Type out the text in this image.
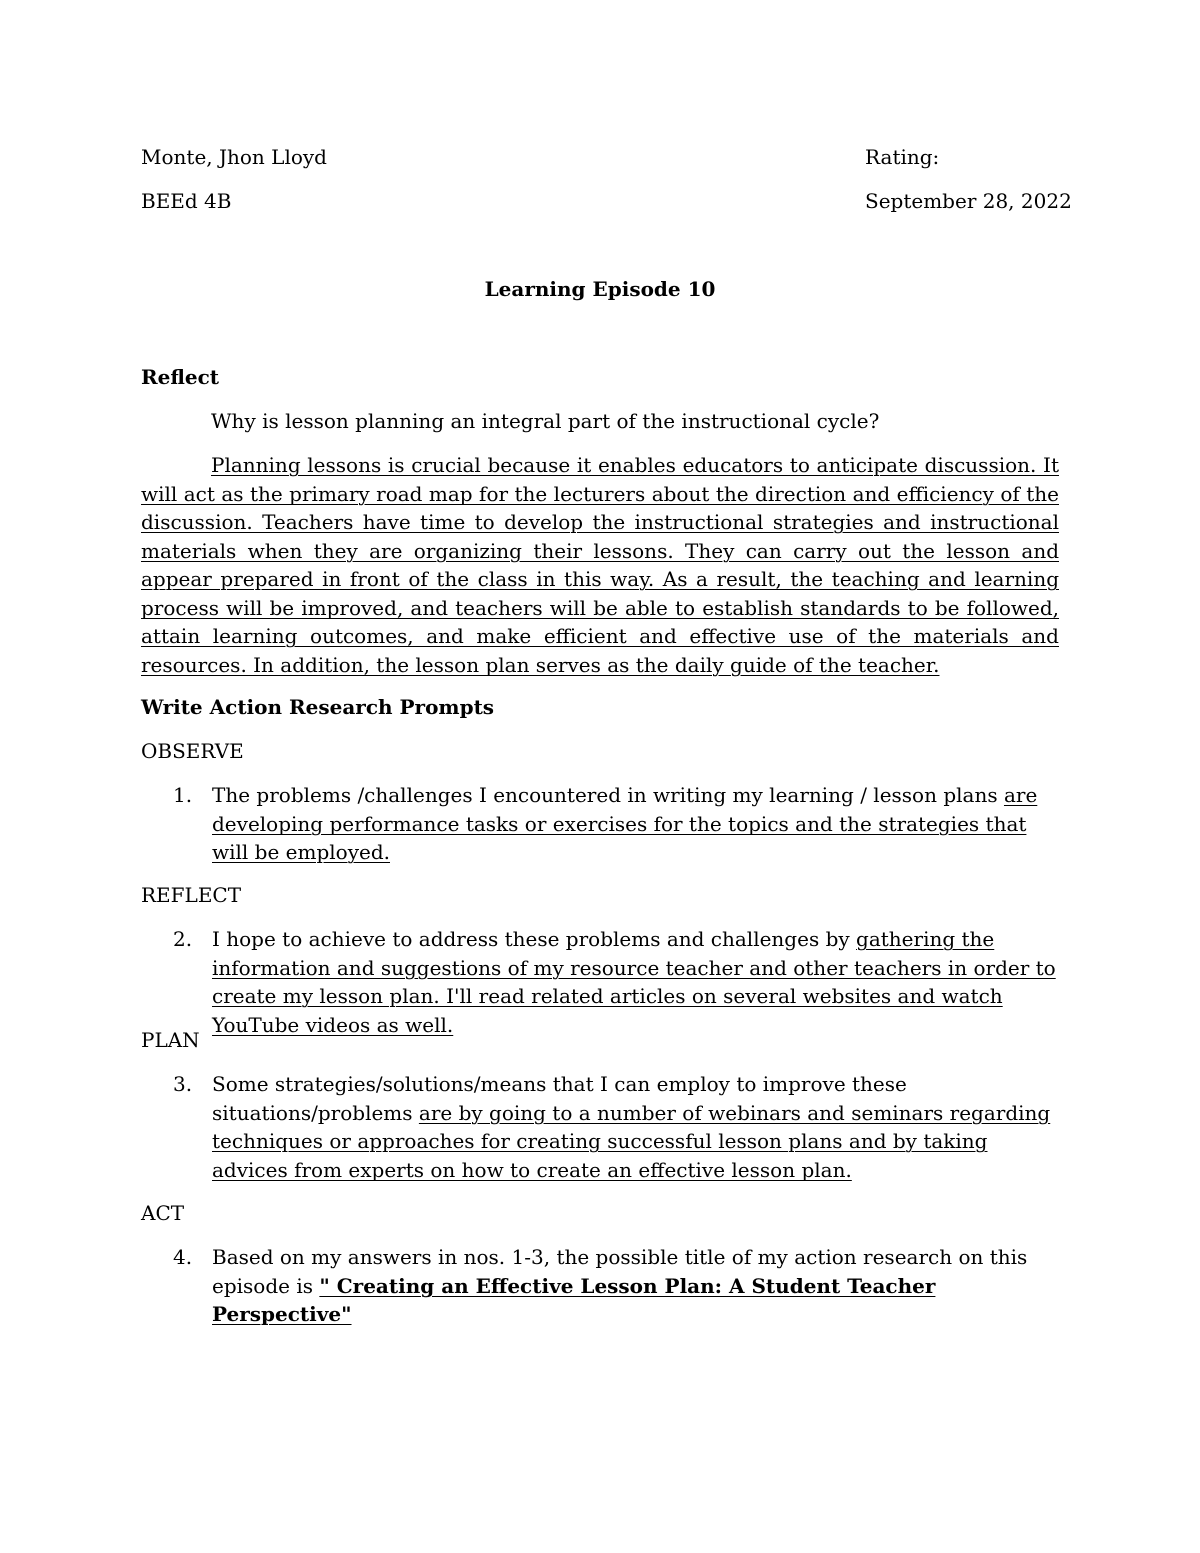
Monte, Jhon Lloyd	Rating:
BEEd 4B	September 28, 2022
Learning Episode 10
Reflect
Why is lesson planning an integral part of the instructional cycle?
Planning lessons is crucial because it enables educators to anticipate discussion. It will act as the primary road map for the lecturers about the direction and efficiency of the discussion. Teachers have time to develop the instructional strategies and instructional materials when they are organizing their lessons. They can carry out the lesson and appear prepared in front of the class in this way. As a result, the teaching and learning process will be improved, and teachers will be able to establish standards to be followed, attain learning outcomes, and make efficient and effective use of the materials and resources. In addition, the lesson plan serves as the daily guide of the teacher.
Write Action Research Prompts
OBSERVE
1. The problems /challenges I encountered in writing my learning / lesson plans are developing performance tasks or exercises for the topics and the strategies that will be employed.
REFLECT
2. I hope to achieve to address these problems and challenges by gathering the information and suggestions of my resource teacher and other teachers in order to create my lesson plan. I'll read related articles on several websites and watch YouTube videos as well.
PLAN
3. Some strategies/solutions/means that I can employ to improve these situations/problems are by going to a number of webinars and seminars regarding techniques or approaches for creating successful lesson plans and by taking advices from experts on how to create an effective lesson plan.
ACT
4. Based on my answers in nos. 1-3, the possible title of my action research on this episode is " Creating an Effective Lesson Plan: A Student Teacher Perspective"
